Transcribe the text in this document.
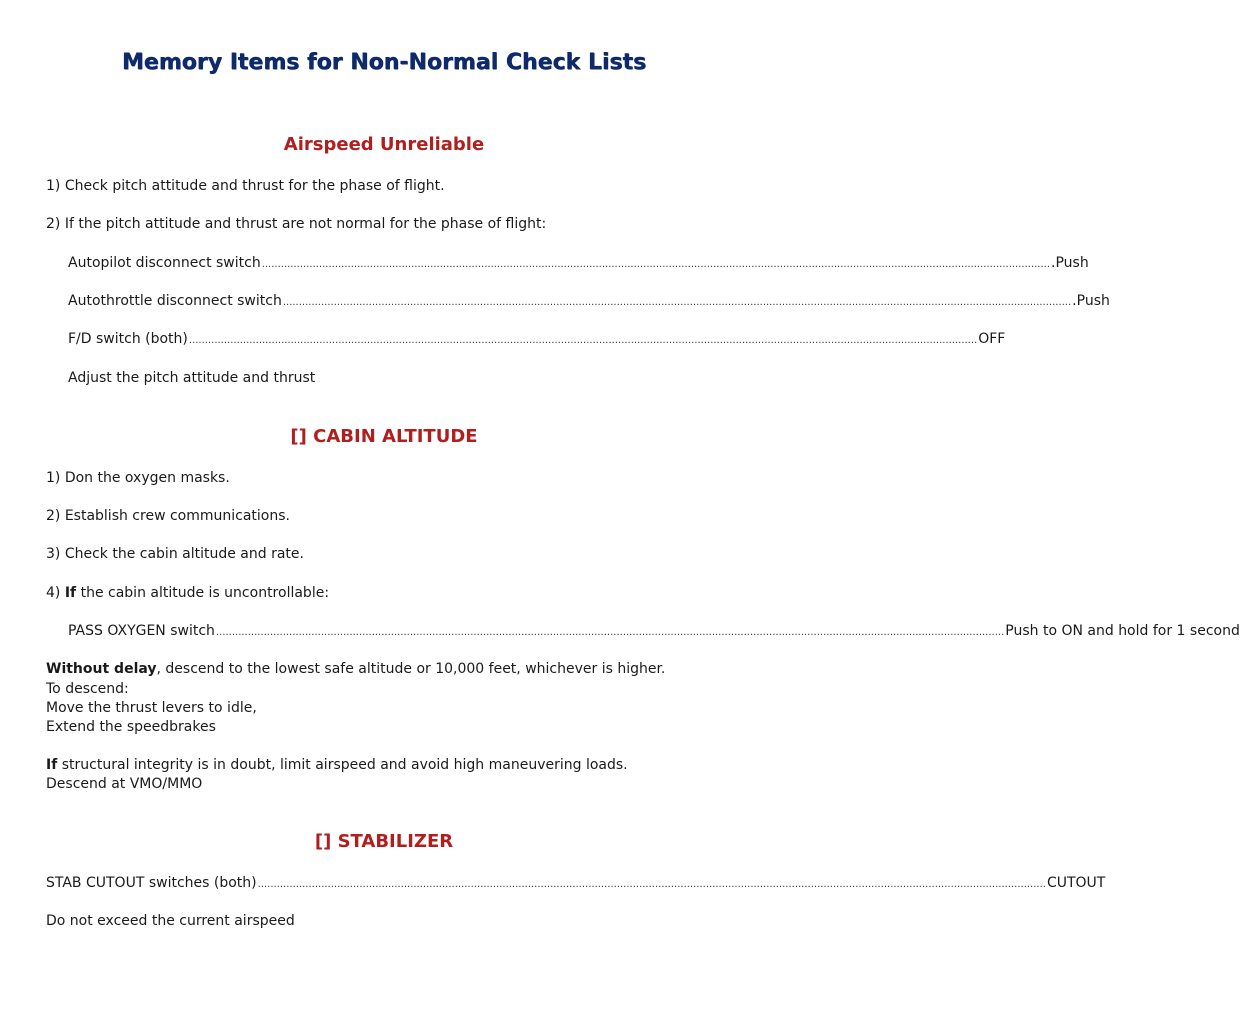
Memory Items for Non-Normal Check Lists
Airspeed Unreliable
1) Check pitch attitude and thrust for the phase of flight.
2) If the pitch attitude and thrust are not normal for the phase of flight:
Autopilot disconnect switch ........................................................................................................................................................................................................................................................ .Push
Autothrottle disconnect switch ........................................................................................................................................................................................................................................................ .Push
F/D switch (both) ........................................................................................................................................................................................................................................................ OFF
Adjust the pitch attitude and thrust
[] CABIN ALTITUDE
1) Don the oxygen masks.
2) Establish crew communications.
3) Check the cabin altitude and rate.
4) If the cabin altitude is uncontrollable:
PASS OXYGEN switch ........................................................................................................................................................................................................................................................ Push to ON and hold for 1 second
Without delay, descend to the lowest safe altitude or 10,000 feet, whichever is higher.
To descend:
Move the thrust levers to idle,
Extend the speedbrakes
If structural integrity is in doubt, limit airspeed and avoid high maneuvering loads.
Descend at VMO/MMO
[] STABILIZER
STAB CUTOUT switches (both) ........................................................................................................................................................................................................................................................ CUTOUT
Do not exceed the current airspeed
